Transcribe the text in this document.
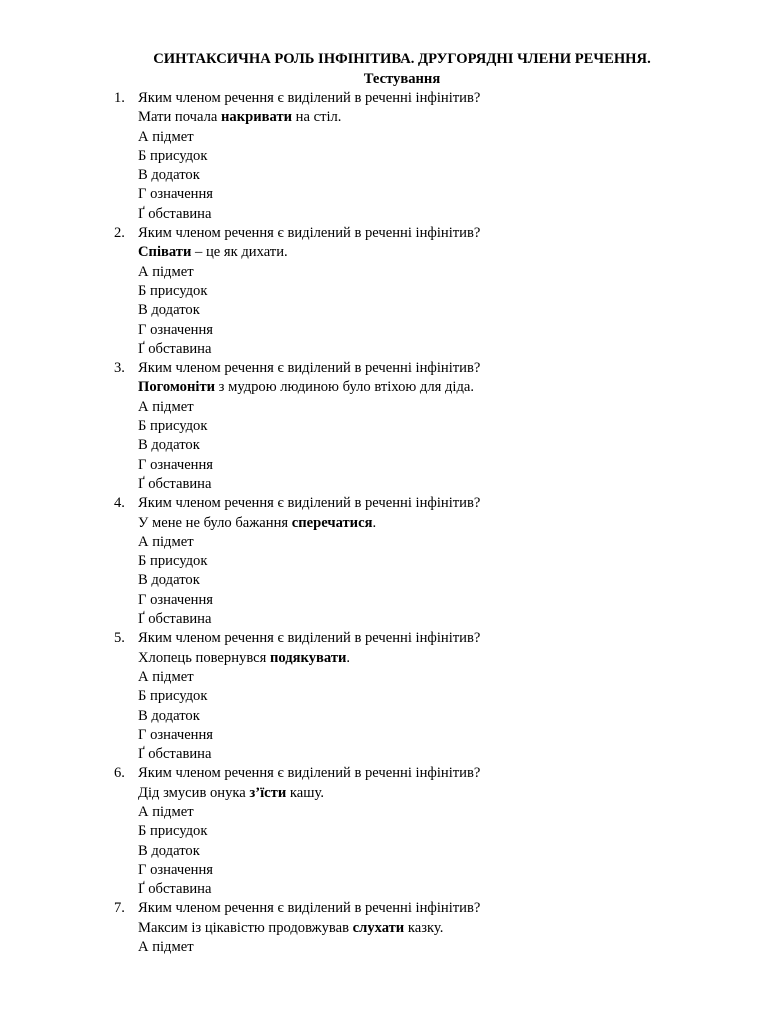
СИНТАКСИЧНА РОЛЬ ІНФІНІТИВА. ДРУГОРЯДНІ ЧЛЕНИ РЕЧЕННЯ.
Тестування
1. Яким членом речення є виділений в реченні інфінітив?
Мати почала накривати на стіл.
А підмет
Б присудок
В додаток
Г означення
Ґ обставина
2. Яким членом речення є виділений в реченні інфінітив?
Співати – це як дихати.
А підмет
Б присудок
В додаток
Г означення
Ґ обставина
3. Яким членом речення є виділений в реченні інфінітив?
Погомоніти з мудрою людиною було втіхою для діда.
А підмет
Б присудок
В додаток
Г означення
Ґ обставина
4. Яким членом речення є виділений в реченні інфінітив?
У мене не було бажання сперечатися.
А підмет
Б присудок
В додаток
Г означення
Ґ обставина
5. Яким членом речення є виділений в реченні інфінітив?
Хлопець повернувся подякувати.
А підмет
Б присудок
В додаток
Г означення
Ґ обставина
6. Яким членом речення є виділений в реченні інфінітив?
Дід змусив онука з’їсти кашу.
А підмет
Б присудок
В додаток
Г означення
Ґ обставина
7. Яким членом речення є виділений в реченні інфінітив?
Максим із цікавістю продовжував слухати казку.
А підмет
